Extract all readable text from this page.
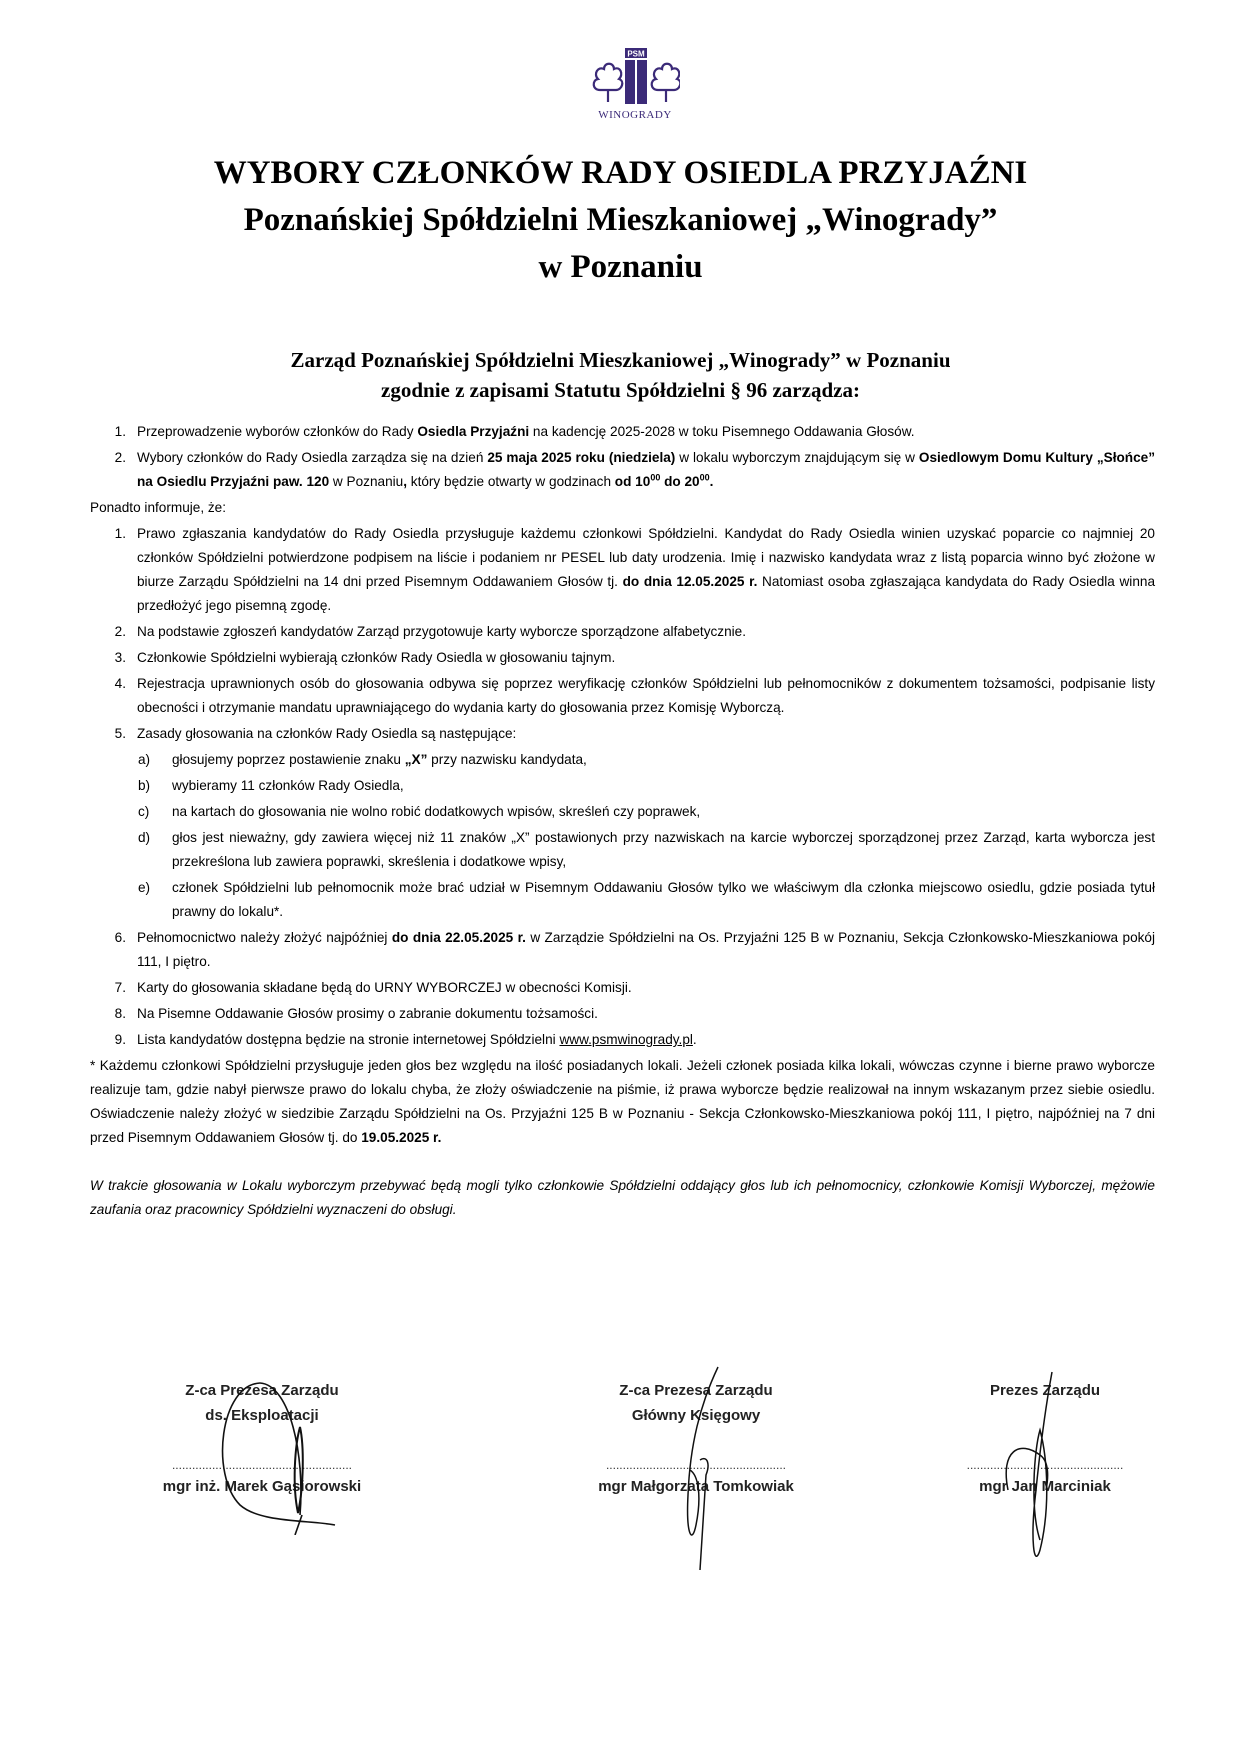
PSM
WINOGRADY
WYBORY CZŁONKÓW RADY OSIEDLA PRZYJAŹNI
Poznańskiej Spółdzielni Mieszkaniowej „Winogrady”
w Poznaniu
Zarząd Poznańskiej Spółdzielni Mieszkaniowej „Winogrady” w Poznaniu
zgodnie z zapisami Statutu Spółdzielni § 96 zarządza:
1. Przeprowadzenie wyborów członków do Rady Osiedla Przyjaźni na kadencję 2025-2028 w toku Pisemnego Oddawania Głosów.
2. Wybory członków do Rady Osiedla zarządza się na dzień 25 maja 2025 roku (niedziela) w lokalu wyborczym znajdującym się w Osiedlowym Domu Kultury „Słońce” na Osiedlu Przyjaźni paw. 120 w Poznaniu, który będzie otwarty w godzinach od $10^{00}$ do $20^{00}$.
Ponadto informuje, że:
1. Prawo zgłaszania kandydatów do Rady Osiedla przysługuje każdemu członkowi Spółdzielni. Kandydat do Rady Osiedla winien uzyskać poparcie co najmniej 20 członków Spółdzielni potwierdzone podpisem na liście i podaniem nr PESEL lub daty urodzenia. Imię i nazwisko kandydata wraz z listą poparcia winno być złożone w biurze Zarządu Spółdzielni na 14 dni przed Pisemnym Oddawaniem Głosów tj. do dnia 12.05.2025 r. Natomiast osoba zgłaszająca kandydata do Rady Osiedla winna przedłożyć jego pisemną zgodę.
2. Na podstawie zgłoszeń kandydatów Zarząd przygotowuje karty wyborcze sporządzone alfabetycznie.
3. Członkowie Spółdzielni wybierają członków Rady Osiedla w głosowaniu tajnym.
4. Rejestracja uprawnionych osób do głosowania odbywa się poprzez weryfikację członków Spółdzielni lub pełnomocników z dokumentem tożsamości, podpisanie listy obecności i otrzymanie mandatu uprawniającego do wydania karty do głosowania przez Komisję Wyborczą.
5. Zasady głosowania na członków Rady Osiedla są następujące:
a) głosujemy poprzez postawienie znaku „X” przy nazwisku kandydata,
b) wybieramy 11 członków Rady Osiedla,
c) na kartach do głosowania nie wolno robić dodatkowych wpisów, skreśleń czy poprawek,
d) głos jest nieważny, gdy zawiera więcej niż 11 znaków „X” postawionych przy nazwiskach na karcie wyborczej sporządzonej przez Zarząd, karta wyborcza jest przekreślona lub zawiera poprawki, skreślenia i dodatkowe wpisy,
e) członek Spółdzielni lub pełnomocnik może brać udział w Pisemnym Oddawaniu Głosów tylko we właściwym dla członka miejscowo osiedlu, gdzie posiada tytuł prawny do lokalu*.
6. Pełnomocnictwo należy złożyć najpóźniej do dnia 22.05.2025 r. w Zarządzie Spółdzielni na Os. Przyjaźni 125 B w Poznaniu, Sekcja Członkowsko-Mieszkaniowa pokój 111, I piętro.
7. Karty do głosowania składane będą do URNY WYBORCZEJ w obecności Komisji.
8. Na Pisemne Oddawanie Głosów prosimy o zabranie dokumentu tożsamości.
9. Lista kandydatów dostępna będzie na stronie internetowej Spółdzielni www.psmwinogrady.pl.
* Każdemu członkowi Spółdzielni przysługuje jeden głos bez względu na ilość posiadanych lokali. Jeżeli członek posiada kilka lokali, wówczas czynne i bierne prawo wyborcze realizuje tam, gdzie nabył pierwsze prawo do lokalu chyba, że złoży oświadczenie na piśmie, iż prawa wyborcze będzie realizował na innym wskazanym przez siebie osiedlu. Oświadczenie należy złożyć w siedzibie Zarządu Spółdzielni na Os. Przyjaźni 125 B w Poznaniu - Sekcja Członkowsko-Mieszkaniowa pokój 111, I piętro, najpóźniej na 7 dni przed Pisemnym Oddawaniem Głosów tj. do 19.05.2025 r.
W trakcie głosowania w Lokalu wyborczym przebywać będą mogli tylko członkowie Spółdzielni oddający głos lub ich pełnomocnicy, członkowie Komisji Wyborczej, mężowie zaufania oraz pracownicy Spółdzielni wyznaczeni do obsługi.
Z-ca Prezesa Zarządu
ds. Eksploatacji
......................................................
mgr inż. Marek Gąsiorowski
Z-ca Prezesa Zarządu
Główny Księgowy
......................................................
mgr Małgorzata Tomkowiak
Prezes Zarządu
...............................................
mgr Jan Marciniak
